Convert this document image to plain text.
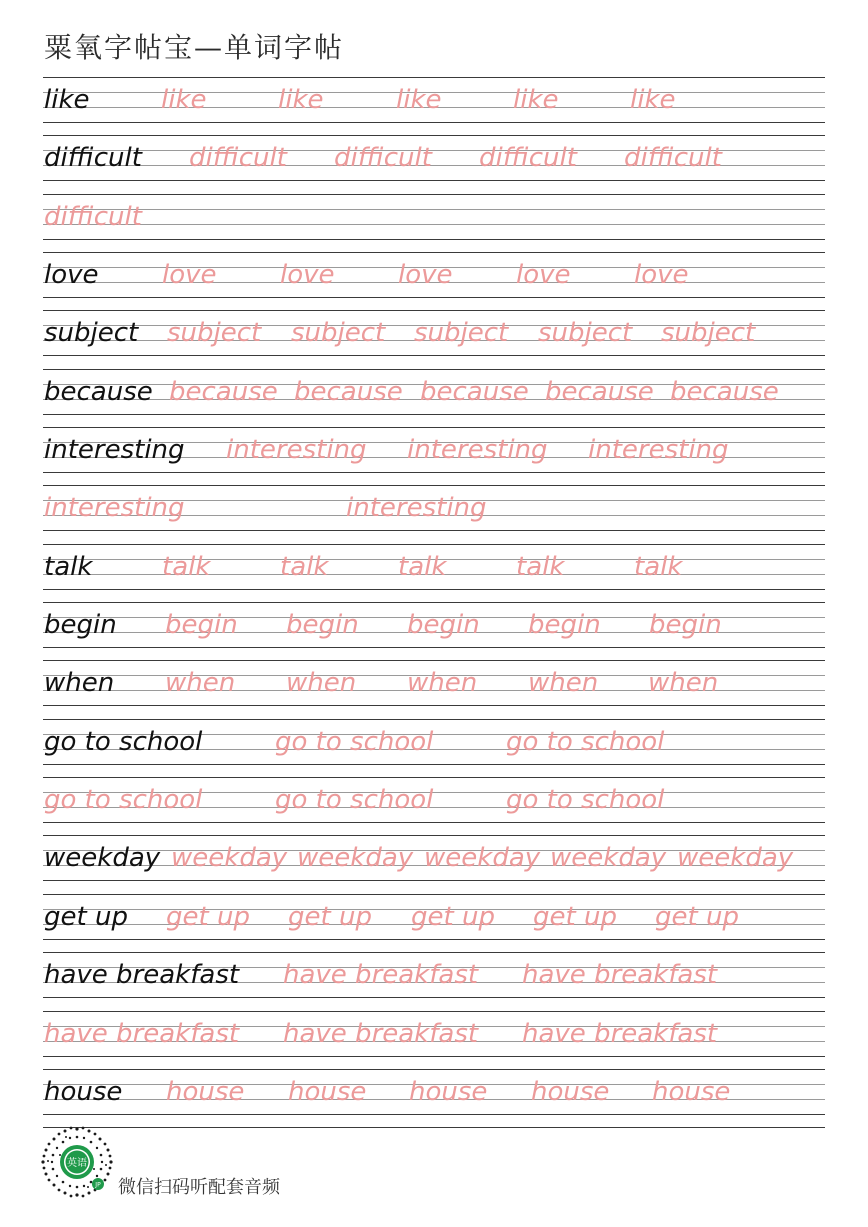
粟氧字帖宝—单词字帖
like	like	like	like	like	like
difficult difficult difficult difficult difficult
difficult
love love love love love love
subject subject subject subject subject subject
because because because because because because
interesting interesting interesting interesting
interesting	interesting
talk	talk	talk	talk	talk	talk
begin begin begin begin begin begin
when when when when when when
go to school	go to school	go to school
go to school	go to school	go to school
weekday weekday weekday weekday weekday weekday
get up get up get up get up get up get up
have breakfast have breakfast have breakfast
have breakfast have breakfast have breakfast
house house house house house house
英语
JP 微信扫码听配套音频
